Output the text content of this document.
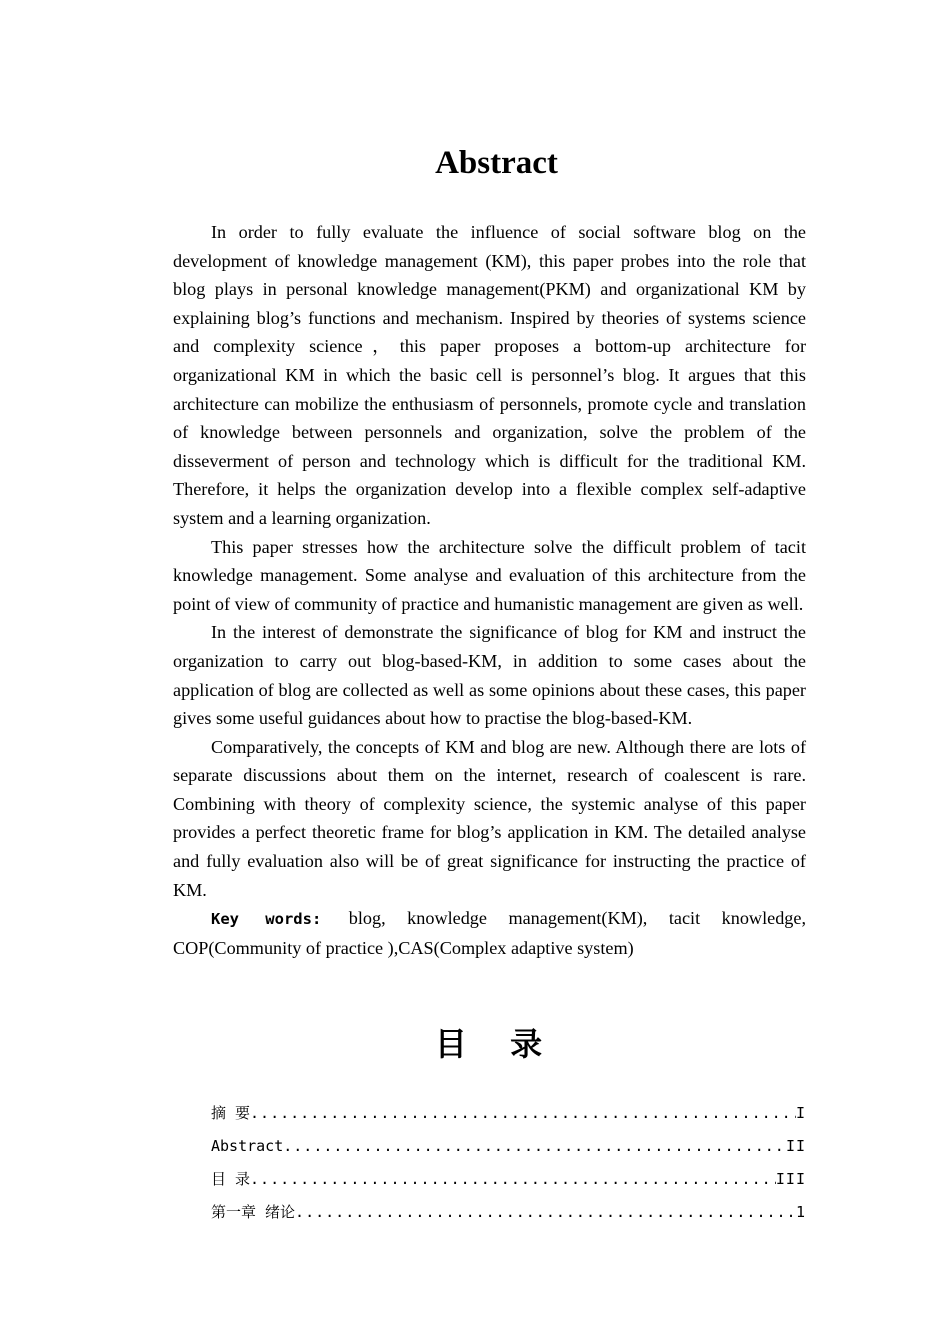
Abstract

In order to fully evaluate the influence of social software blog on the development of knowledge management (KM), this paper probes into the role that blog plays in personal knowledge management(PKM) and organizational KM by explaining blog’s functions and mechanism. Inspired by theories of systems science and complexity science，this paper proposes a bottom-up architecture for organizational KM in which the basic cell is personnel’s blog. It argues that this architecture can mobilize the enthusiasm of personnels, promote cycle and translation of knowledge between personnels and organization, solve the problem of the disseverment of person and technology which is difficult for the traditional KM. Therefore, it helps the organization develop into a flexible complex self-adaptive system and a learning organization.

This paper stresses how the architecture solve the difficult problem of tacit knowledge management. Some analyse and evaluation of this architecture from the point of view of community of practice and humanistic management are given as well.

In the interest of demonstrate the significance of blog for KM and instruct the organization to carry out blog-based-KM, in addition to some cases about the application of blog are collected as well as some opinions about these cases, this paper gives some useful guidances about how to practise the blog-based-KM.

Comparatively, the concepts of KM and blog are new. Although there are lots of separate discussions about them on the internet, research of coalescent is rare. Combining with theory of complexity science, the systemic analyse of this paper provides a perfect theoretic frame for blog’s application in KM. The detailed analyse and fully evaluation also will be of great significance for instructing the practice of KM.

Key words: blog, knowledge management(KM), tacit knowledge, COP(Community of practice ),CAS(Complex adaptive system)

目 录
摘 要 .....	I
Abstract .....	II
目 录 .....	III
第一章 绪论 .....	1
